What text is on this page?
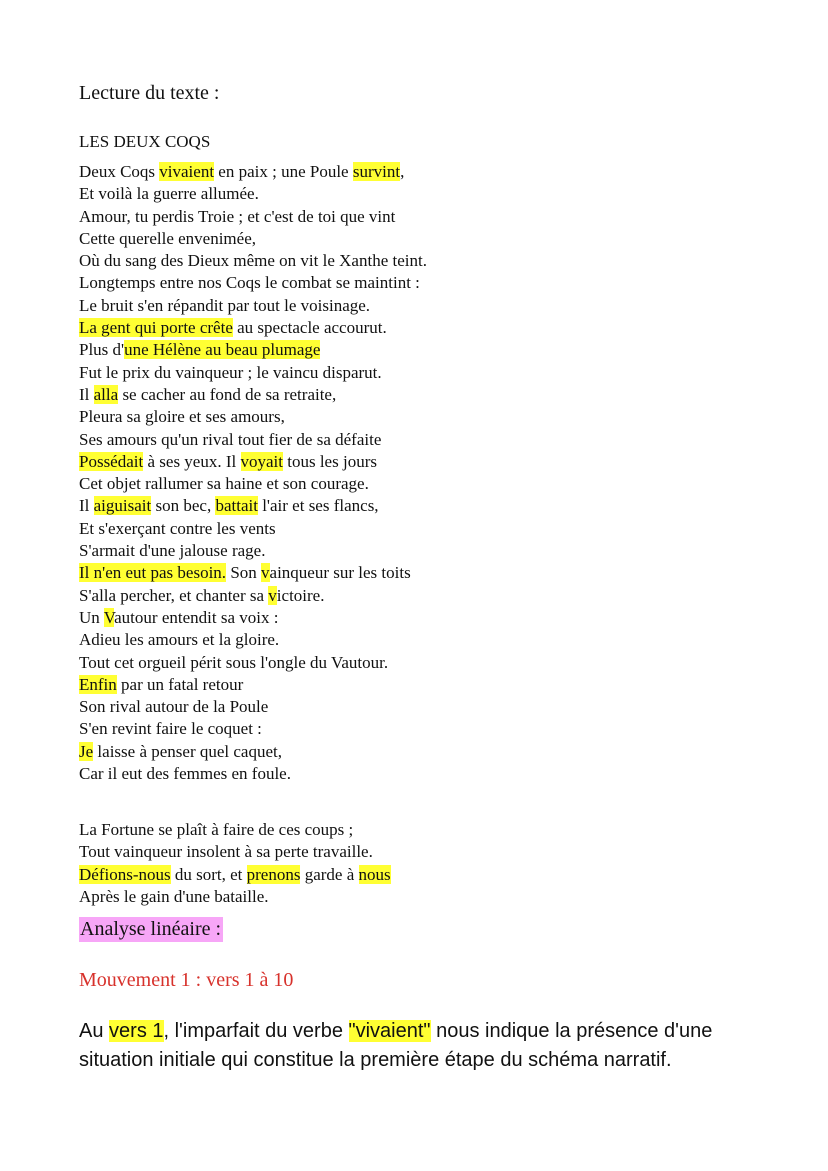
Lecture du texte :
LES DEUX COQS
Deux Coqs vivaient en paix ; une Poule survint,
Et voilà la guerre allumée.
Amour, tu perdis Troie ; et c'est de toi que vint
Cette querelle envenimée,
Où du sang des Dieux même on vit le Xanthe teint.
Longtemps entre nos Coqs le combat se maintint :
Le bruit s'en répandit par tout le voisinage.
La gent qui porte crête au spectacle accourut.
Plus d'une Hélène au beau plumage
Fut le prix du vainqueur ; le vaincu disparut.
Il alla se cacher au fond de sa retraite,
Pleura sa gloire et ses amours,
Ses amours qu'un rival tout fier de sa défaite
Possédait à ses yeux. Il voyait tous les jours
Cet objet rallumer sa haine et son courage.
Il aiguisait son bec, battait l'air et ses flancs,
Et s'exerçant contre les vents
S'armait d'une jalouse rage.
Il n'en eut pas besoin. Son vainqueur sur les toits
S'alla percher, et chanter sa victoire.
Un Vautour entendit sa voix :
Adieu les amours et la gloire.
Tout cet orgueil périt sous l'ongle du Vautour.
Enfin par un fatal retour
Son rival autour de la Poule
S'en revint faire le coquet :
Je laisse à penser quel caquet,
Car il eut des femmes en foule.
La Fortune se plaît à faire de ces coups ;
Tout vainqueur insolent à sa perte travaille.
Défions-nous du sort, et prenons garde à nous
Après le gain d'une bataille.
Analyse linéaire :
Mouvement 1 : vers 1 à 10

Au vers 1, l'imparfait du verbe "vivaient" nous indique la présence d'une situation initiale qui constitue la première étape du schéma narratif.
